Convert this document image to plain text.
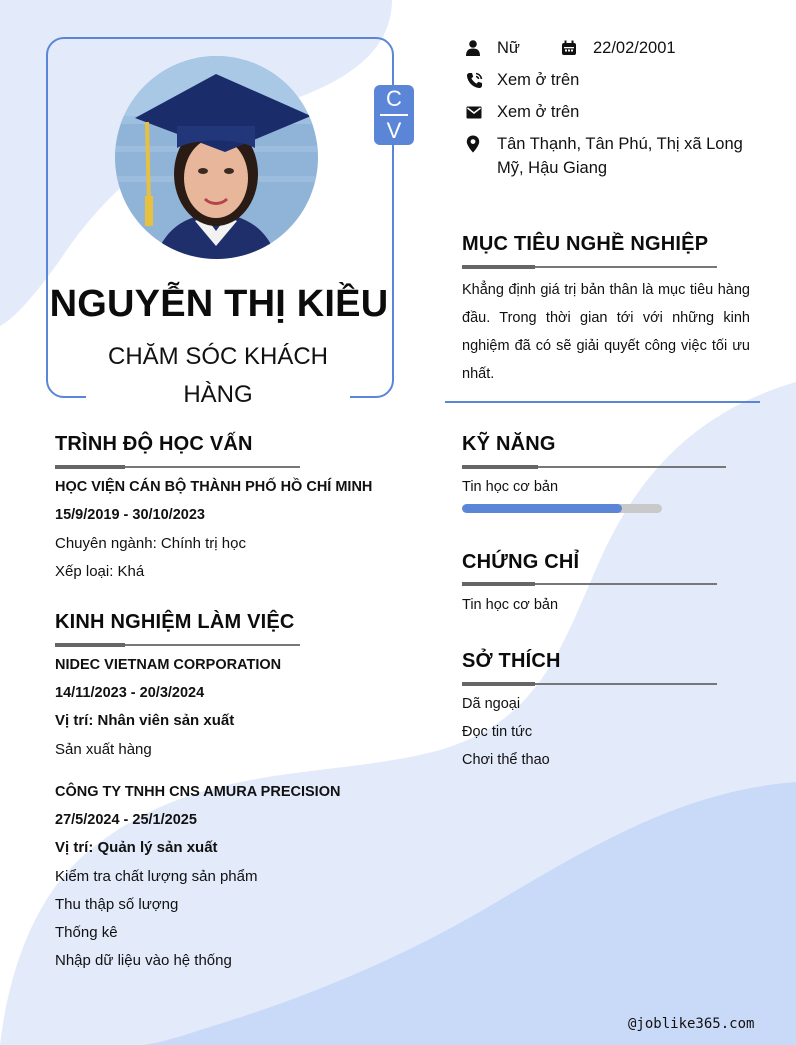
C
V
NGUYỄN THỊ KIỀU
CHĂM SÓC KHÁCH HÀNG
Nữ	22/02/2001
Xem ở trên
Xem ở trên
Tân Thạnh, Tân Phú, Thị xã Long Mỹ, Hậu Giang
MỤC TIÊU NGHỀ NGHIỆP
Khẳng định giá trị bản thân là mục tiêu hàng đầu. Trong thời gian tới với những kinh nghiệm đã có sẽ giải quyết công việc tối ưu nhất.
TRÌNH ĐỘ HỌC VẤN
HỌC VIỆN CÁN BỘ THÀNH PHỐ HỒ CHÍ MINH
15/9/2019 - 30/10/2023
Chuyên ngành: Chính trị học
Xếp loại: Khá
KINH NGHIỆM LÀM VIỆC
NIDEC VIETNAM CORPORATION
14/11/2023 - 20/3/2024
Vị trí: Nhân viên sản xuất
Sản xuất hàng
CÔNG TY TNHH CNS AMURA PRECISION
27/5/2024 - 25/1/2025
Vị trí: Quản lý sản xuất
Kiểm tra chất lượng sản phẩm
Thu thập số lượng
Thống kê
Nhập dữ liệu vào hệ thống
KỸ NĂNG
Tin học cơ bản
CHỨNG CHỈ
Tin học cơ bản
SỞ THÍCH
Dã ngoại
Đọc tin tức
Chơi thể thao
@joblike365.com
